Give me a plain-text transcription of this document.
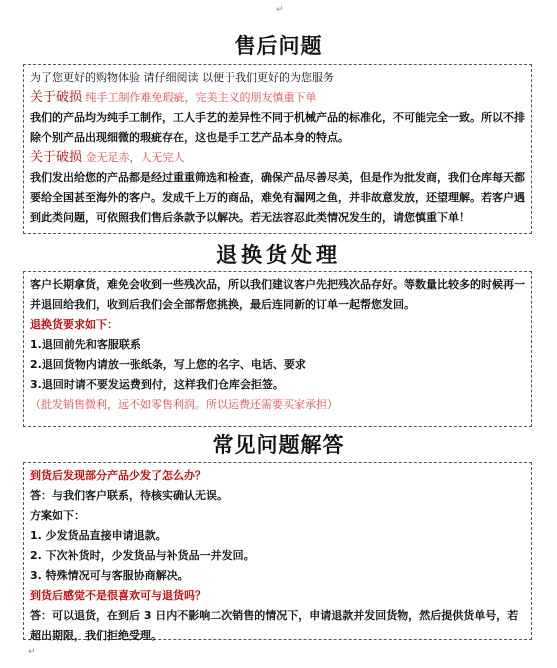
↵
售后问题
为了您更好的购物体验 请仔细阅读 以便于我们更好的为您服务
关于破损 纯手工制作难免瑕疵，完美主义的朋友慎重下单
我们的产品均为纯手工制作，工人手艺的差异性不同于机械产品的标准化，不可能完全一致。所以不排除个别产品出现细微的瑕疵存在，这也是手工艺产品本身的特点。
关于破损 金无足赤，人无完人
我们发出给您的产品都是经过重重筛选和检查，确保产品尽善尽美，但是作为批发商，我们仓库每天都要给全国甚至海外的客户。发成千上万的商品，难免有漏网之鱼，并非故意发放，还望理解。若客户遇到此类问题，可依照我们售后条款予以解决。若无法容忍此类情况发生的，请您慎重下单！
退换货处理
客户长期拿货，难免会收到一些残次品，所以我们建议客户先把残次品存好。等数量比较多的时候再一并退回给我们，收到后我们会全部帮您挑换，最后连同新的订单一起帮您发回。
退换货要求如下：
1.退回前先和客服联系
2.退回货物内请放一张纸条，写上您的名字、电话、要求
3.退回时请不要发运费到付，这样我们仓库会拒签。
（批发销售微利，远不如零售利润。所以运费还需要买家承担）
常见问题解答
到货后发现部分产品少发了怎么办？
答：与我们客户联系，待核实确认无误。
方案如下：
1. 少发货品直接申请退款。
2. 下次补货时，少发货品与补货品一并发回。
3. 特殊情况可与客服协商解决。
到货后感觉不是很喜欢可与退货吗？
答：可以退货，在到后 3 日内不影响二次销售的情况下，申请退款并发回货物，然后提供货单号，若超出期限，我们拒绝受理。
↵
